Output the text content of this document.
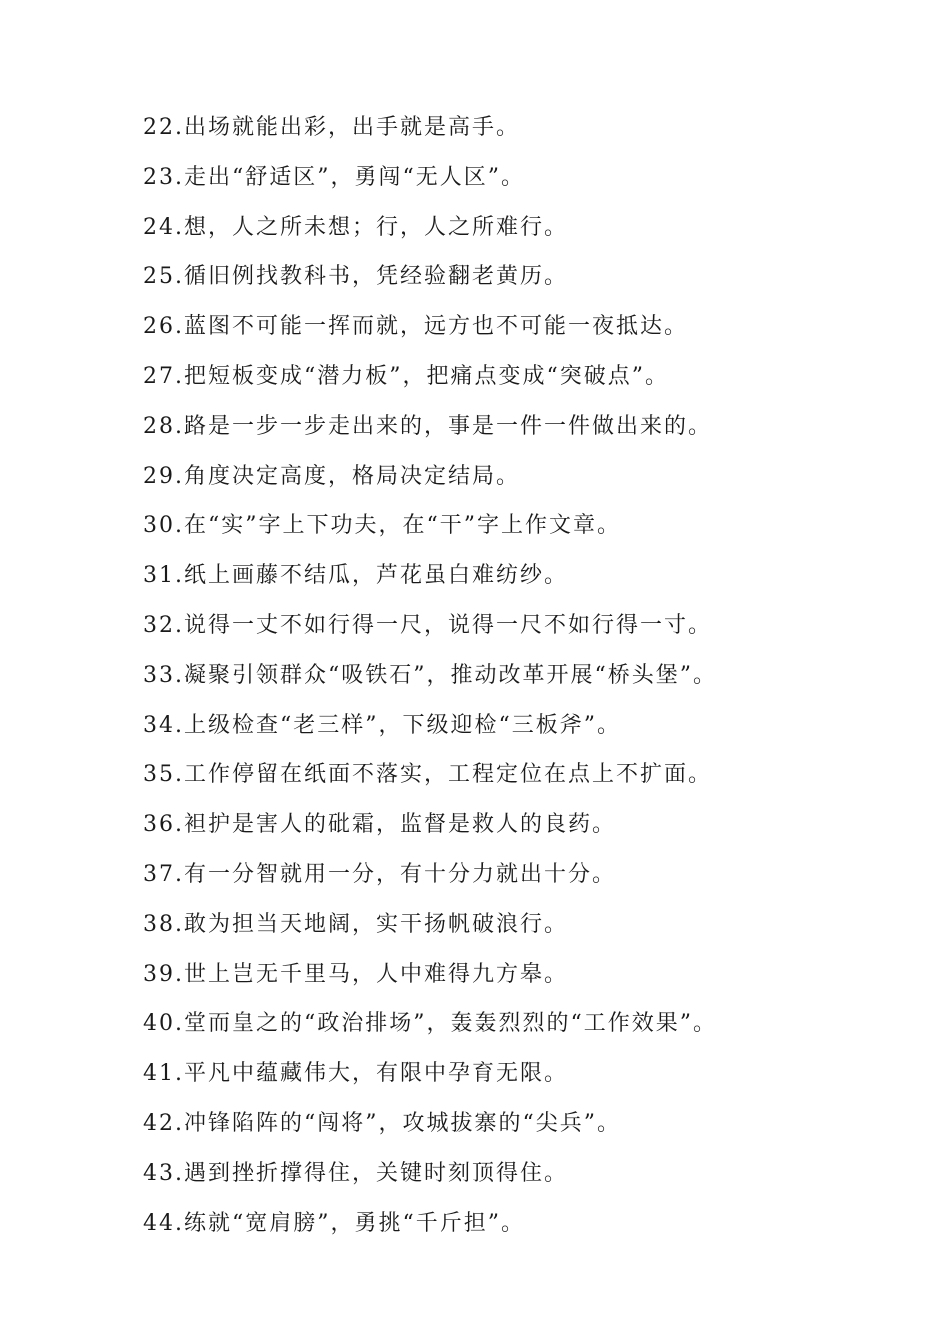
22.出场就能出彩，出手就是高手。
23.走出“舒适区”，勇闯“无人区”。
24.想，人之所未想；行，人之所难行。
25.循旧例找教科书，凭经验翻老黄历。
26.蓝图不可能一挥而就，远方也不可能一夜抵达。
27.把短板变成“潜力板”，把痛点变成“突破点”。
28.路是一步一步走出来的，事是一件一件做出来的。
29.角度决定高度，格局决定结局。
30.在“实”字上下功夫，在“干”字上作文章。
31.纸上画藤不结瓜，芦花虽白难纺纱。
32.说得一丈不如行得一尺，说得一尺不如行得一寸。
33.凝聚引领群众“吸铁石”，推动改革开展“桥头堡”。
34.上级检查“老三样”，下级迎检“三板斧”。
35.工作停留在纸面不落实，工程定位在点上不扩面。
36.袒护是害人的砒霜，监督是救人的良药。
37.有一分智就用一分，有十分力就出十分。
38.敢为担当天地阔，实干扬帆破浪行。
39.世上岂无千里马，人中难得九方皋。
40.堂而皇之的“政治排场”，轰轰烈烈的“工作效果”。
41.平凡中蕴藏伟大，有限中孕育无限。
42.冲锋陷阵的“闯将”，攻城拔寨的“尖兵”。
43.遇到挫折撑得住，关键时刻顶得住。
44.练就“宽肩膀”，勇挑“千斤担”。
